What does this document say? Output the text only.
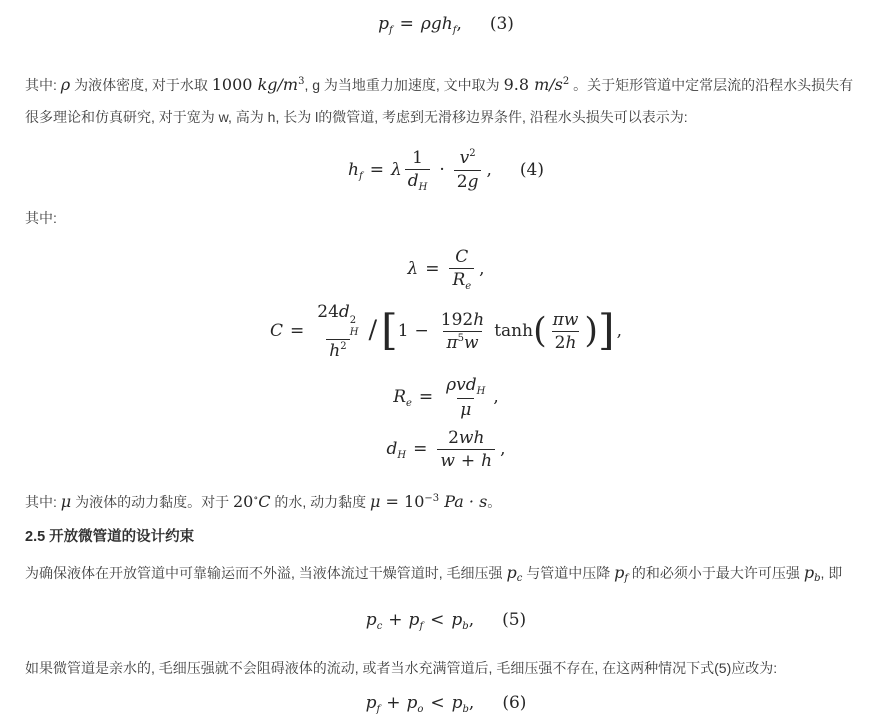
$p_f = \rho gh_f$, (3)

其中: ρ 为液体密度, 对于水取 1000 $kg/m^3$, g 为当地重力加速度, 文中取为 9.8 $m/s^2$ 。关于矩形管道中定常层流的沿程水头损失有很多理论和仿真研究, 对于宽为 w, 高为 h, 长为 l的微管道, 考虑到无滑移边界条件, 沿程水头损失可以表示为:

$h_f = \lambda \frac{1}{d_H} \cdot \frac{v^2}{2g}$ , (4)

其中:

$\lambda = \frac{C}{R_e}$ ,
C = 24d 2
H
$h^2$ $/[1 - \frac{192h}{\pi^5w} \tanh( \frac{\pi w}{2h}$ )] ,
$R_e = \frac{\rho vd_H}{\mu}$ ,
$d_H = \frac{2wh}{w + h}$ ,

其中: μ 为液体的动力黏度。对于 20∘C 的水, 动力黏度 $\mu = 10^{-3}$ Pa · s。

2.5 开放微管道的设计约束

为确保液体在开放管道中可靠输运而不外溢, 当液体流过干燥管道时, 毛细压强 pc 与管道中压降 pf 的和必须小于最大许可压强 pb, 即

$p_c + p_f < p_b$, (5)

如果微管道是亲水的, 毛细压强就不会阻碍液体的流动, 或者当水充满管道后, 毛细压强不存在, 在这两种情况下式(5)应改为:

$p_f + p_o < p_b$, (6)
